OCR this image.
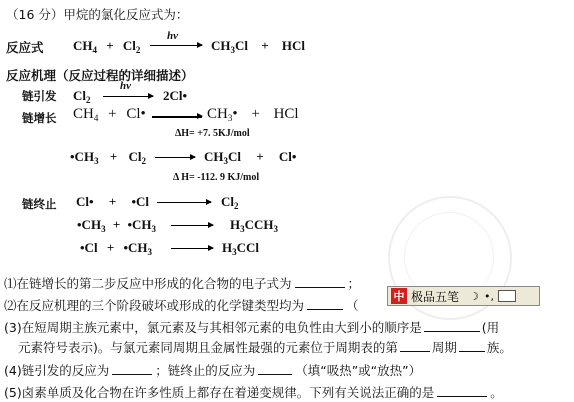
（16 分）甲烷的氯化反应式为：
反应式 $CH_4 + Cl_2$
hv
→ $CH_3Cl$ + HCl
反应机理（反应过程的详细描述）
链引发 $Cl_2$
hv
2Cl•
链增长 $CH_4$ + Cl•	$CH_3•$ + HCl
ΔH= +7. 5KJ/mol
$•CH_3 + Cl_2$	$CH_3Cl$ + Cl•
Δ H= -112. 9 KJ/mol
链终止 Cl• + •Cl	$Cl_2$
$•CH_3$ + $•CH_3$	$H_3CCH_3$
•Cl + $•CH_3$	$H_3CCl$
⑴在链增长的第二步反应中形成的化合物的电子式为	；
⑵在反应机理的三个阶段破坏或形成的化学键类型均为	（
(3)在短周期主族元素中，氯元素及与其相邻元素的电负性由大到小的顺序是	(用
元素符号表示)。与氯元素同周期且金属性最强的元素位于周期表的第	周期 族。
(4)链引发的反应为	；链终止的反应为	（填“吸热”或“放热”）
(5)卤素单质及化合物在许多性质上都存在着递变规律。下列有关说法正确的是	。
中 极品五笔 ☽ •,
